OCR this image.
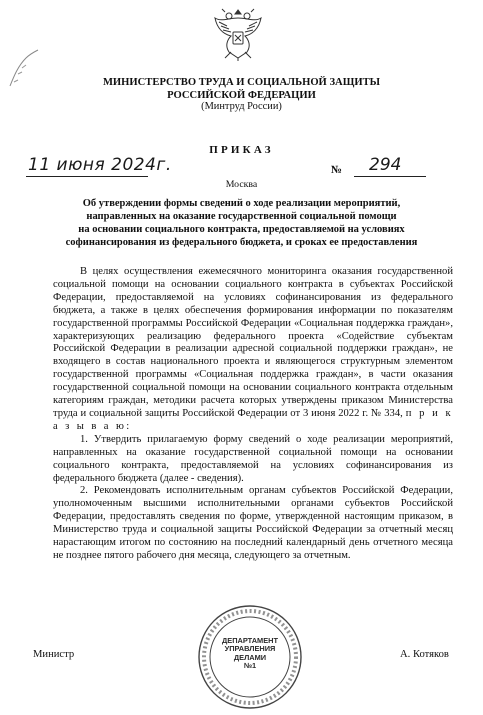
МИНИСТЕРСТВО ТРУДА И СОЦИАЛЬНОЙ ЗАЩИТЫ
РОССИЙСКОЙ ФЕДЕРАЦИИ
(Минтруд России)
ПРИКАЗ
11 июня 2024г.	№ 294
Москва
Об утверждении формы сведений о ходе реализации мероприятий,
направленных на оказание государственной социальной помощи
на основании социального контракта, предоставляемой на условиях
софинансирования из федерального бюджета, и сроках ее предоставления

В целях осуществления ежемесячного мониторинга оказания государственной социальной помощи на основании социального контракта в субъектах Российской Федерации, предоставляемой на условиях софинансирования из федерального бюджета, а также в целях обеспечения формирования информации по показателям государственной программы Российской Федерации «Социальная поддержка граждан», характеризующих реализацию федерального проекта «Содействие субъектам Российской Федерации в реализации адресной социальной поддержки граждан», не входящего в состав национального проекта и являющегося структурным элементом государственной программы «Социальная поддержка граждан», в части оказания государственной социальной помощи на основании социального контракта отдельным категориям граждан, методики расчета которых утверждены приказом Министерства труда и социальной защиты Российской Федерации от 3 июня 2022 г. № 334, п р и к а з ы в а ю:

1. Утвердить прилагаемую форму сведений о ходе реализации мероприятий, направленных на оказание государственной социальной помощи на основании социального контракта, предоставляемой на условиях софинансирования из федерального бюджета (далее - сведения).

2. Рекомендовать исполнительным органам субъектов Российской Федерации, уполномоченным высшими исполнительными органами субъектов Российской Федерации, предоставлять сведения по форме, утвержденной настоящим приказом, в Министерство труда и социальной защиты Российской Федерации за отчетный месяц нарастающим итогом по состоянию на последний календарный день отчетного месяца не позднее пятого рабочего дня месяца, следующего за отчетным.

Министр	А. Котяков
ДЕПАРТАМЕНТ
УПРАВЛЕНИЯ
ДЕЛАМИ
№1
